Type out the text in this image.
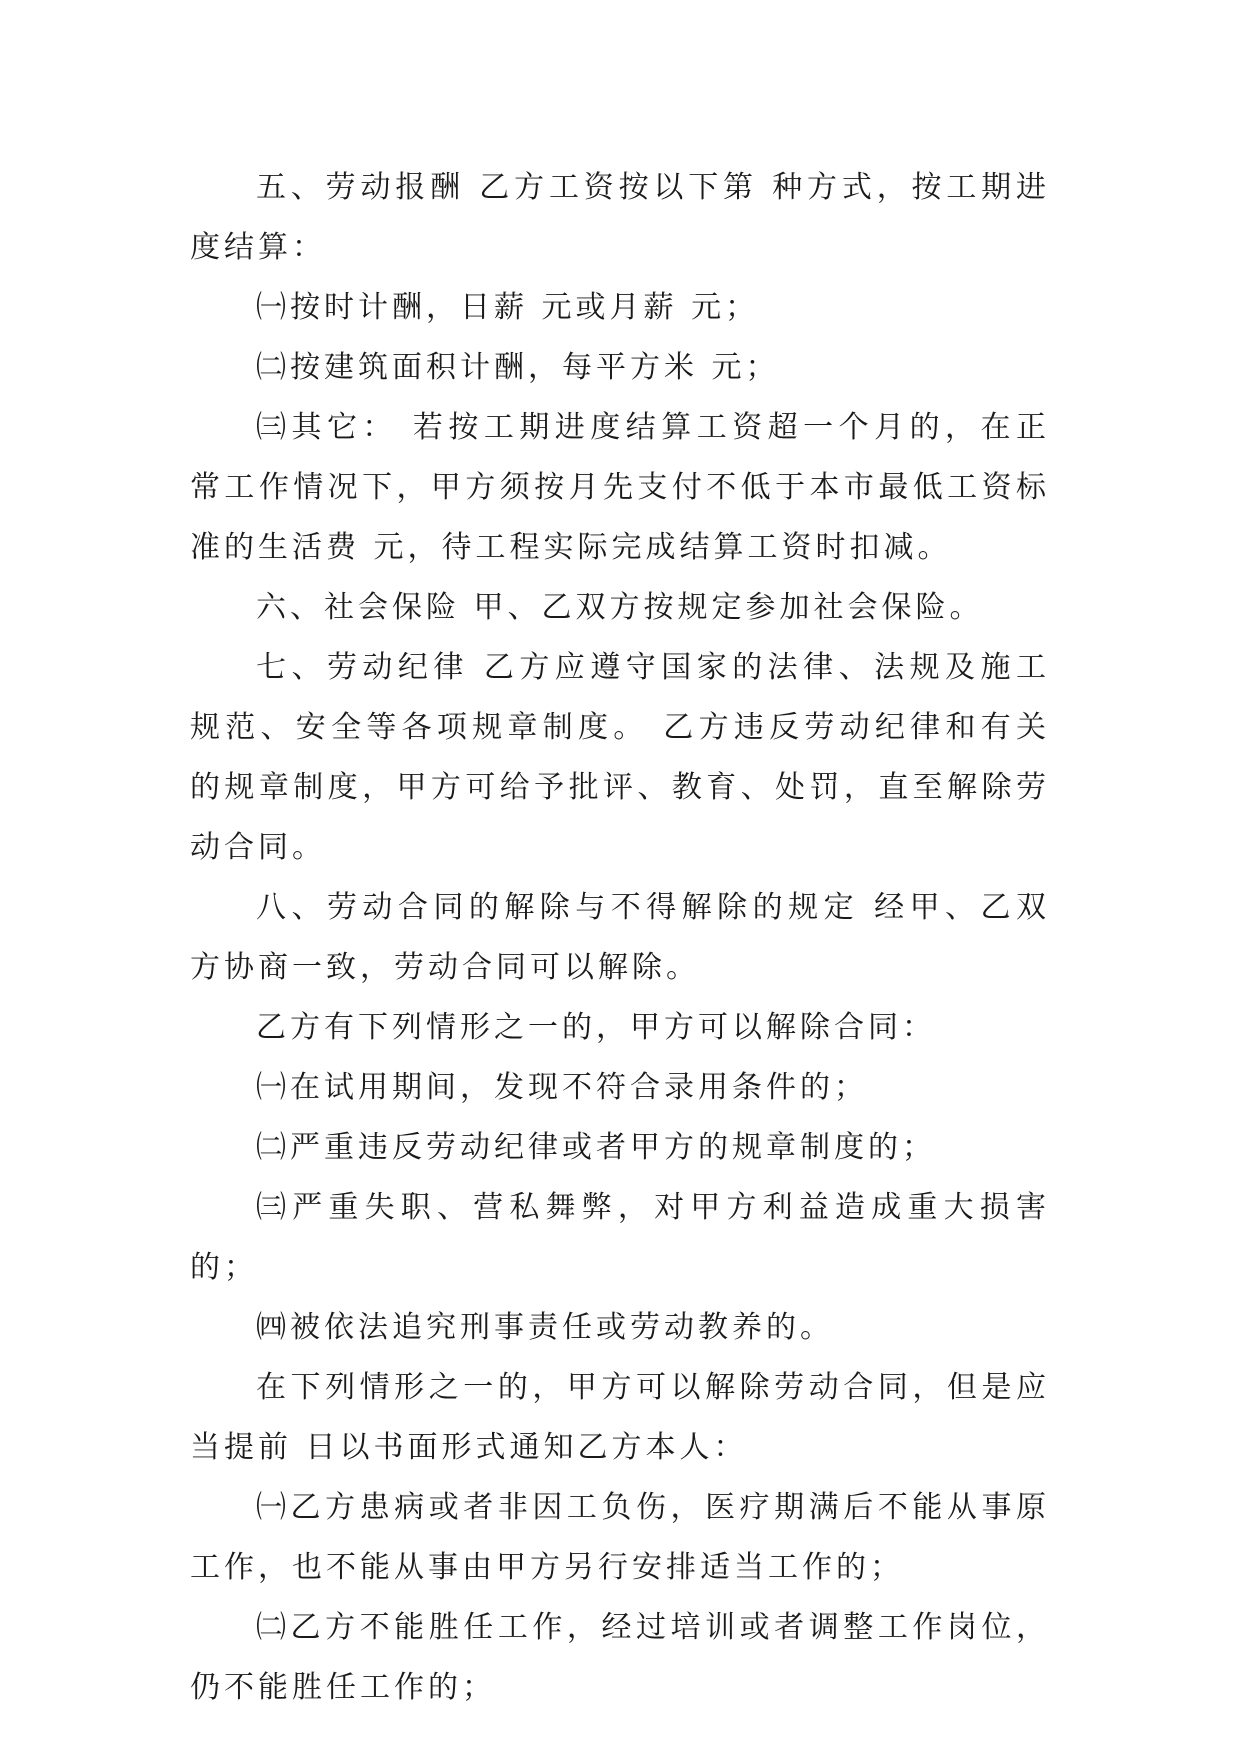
五、劳动报酬 乙方工资按以下第 种方式，按工期进度结算：

㈠按时计酬，日薪 元或月薪 元；

㈡按建筑面积计酬，每平方米 元；

㈢其它： 若按工期进度结算工资超一个月的，在正常工作情况下，甲方须按月先支付不低于本市最低工资标准的生活费 元，待工程实际完成结算工资时扣减。

六、社会保险 甲、乙双方按规定参加社会保险。

七、劳动纪律 乙方应遵守国家的法律、法规及施工规范、安全等各项规章制度。 乙方违反劳动纪律和有关的规章制度，甲方可给予批评、教育、处罚，直至解除劳动合同。

八、劳动合同的解除与不得解除的规定 经甲、乙双方协商一致，劳动合同可以解除。

乙方有下列情形之一的，甲方可以解除合同：

㈠在试用期间，发现不符合录用条件的；

㈡严重违反劳动纪律或者甲方的规章制度的；

㈢严重失职、营私舞弊，对甲方利益造成重大损害的；

㈣被依法追究刑事责任或劳动教养的。

在下列情形之一的，甲方可以解除劳动合同，但是应当提前 日以书面形式通知乙方本人：

㈠乙方患病或者非因工负伤，医疗期满后不能从事原工作，也不能从事由甲方另行安排适当工作的；

㈡乙方不能胜任工作，经过培训或者调整工作岗位，仍不能胜任工作的；
